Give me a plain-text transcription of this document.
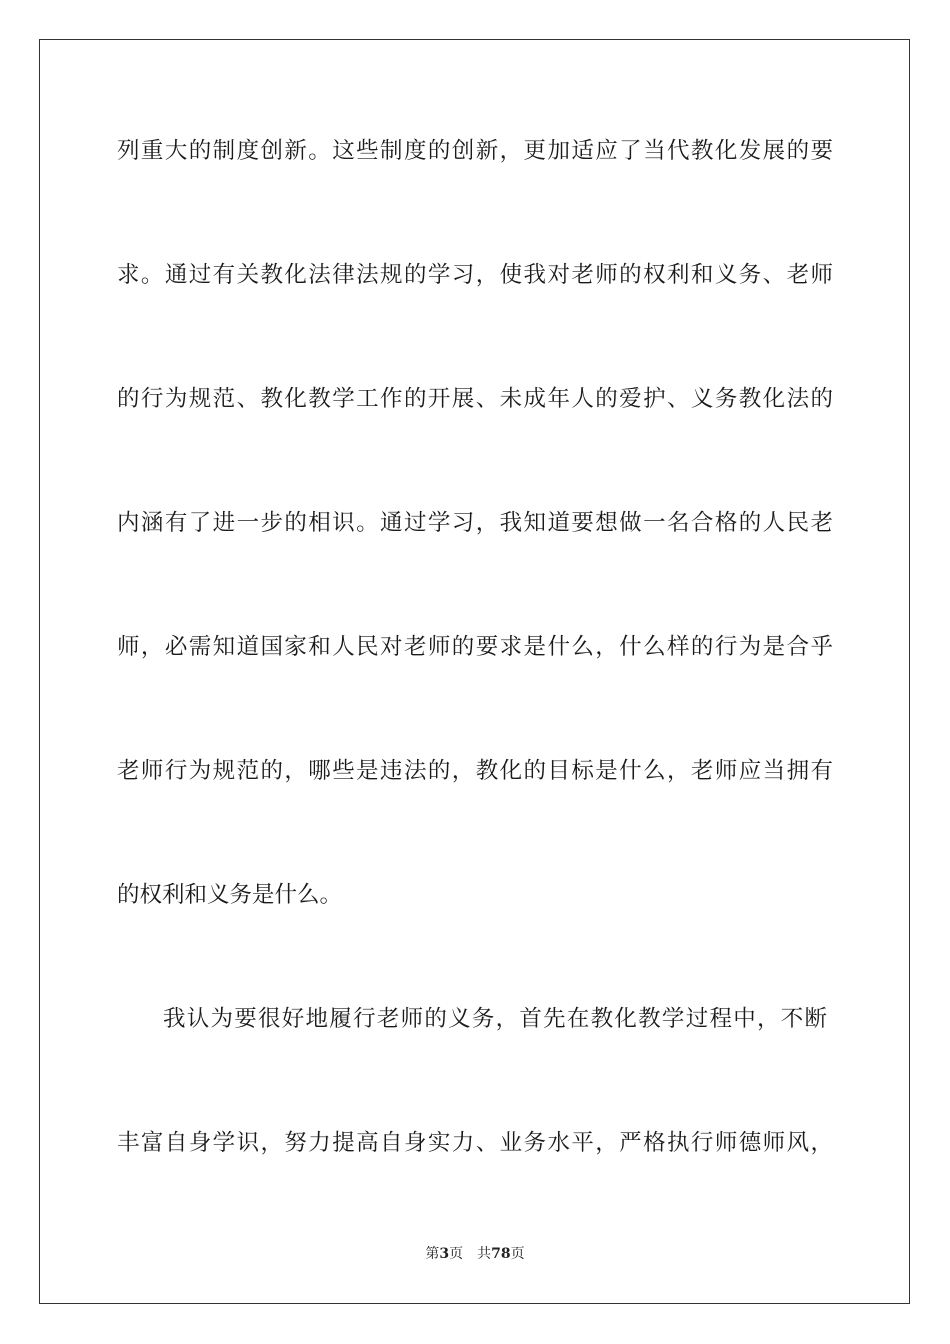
列重大的制度创新。这些制度的创新，更加适应了当代教化发展的要
求。通过有关教化法律法规的学习，使我对老师的权利和义务、老师
的行为规范、教化教学工作的开展、未成年人的爱护、义务教化法的
内涵有了进一步的相识。通过学习，我知道要想做一名合格的人民老
师，必需知道国家和人民对老师的要求是什么，什么样的行为是合乎
老师行为规范的，哪些是违法的，教化的目标是什么，老师应当拥有
的权利和义务是什么。
我认为要很好地履行老师的义务，首先在教化教学过程中，不断
丰富自身学识，努力提高自身实力、业务水平，严格执行师德师风，
第3页 共78页
